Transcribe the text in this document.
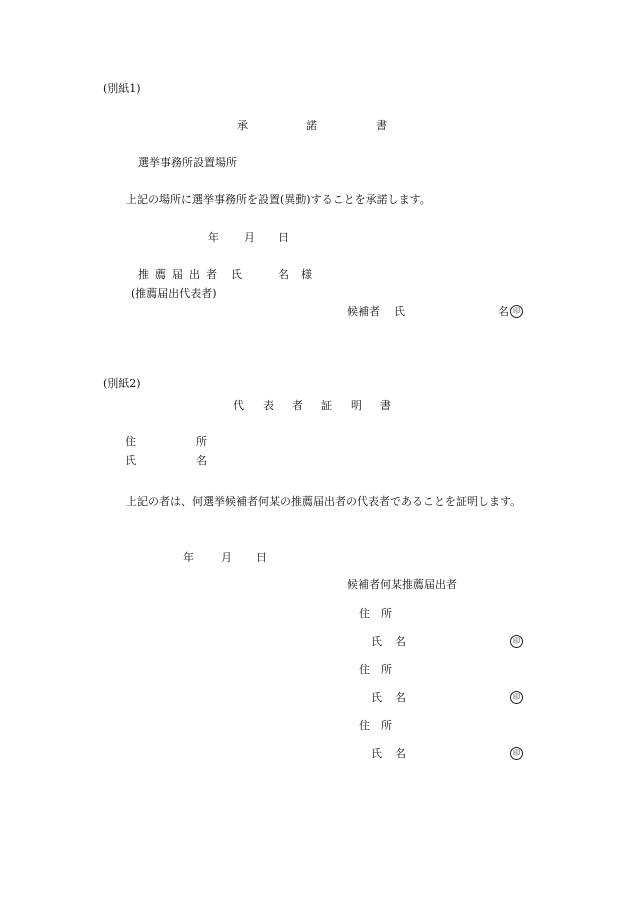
(別紙1)
承	諾	書
選挙事務所設置場所
上記の場所に選挙事務所を設置(異動)することを承諾します。
年 月 日
推 薦 届 出 者 氏	名 様
(推薦届出代表者)
候補者 氏	名 印
(別紙2)
代 表 者 証 明 書
住	所
氏	名
上記の者は、何選挙候補者何某の推薦届出者の代表者であることを証明します。
年 月 日
候補者何某推薦届出者
住 所
氏 名	印
住 所
氏 名	印
住 所
氏 名	印
